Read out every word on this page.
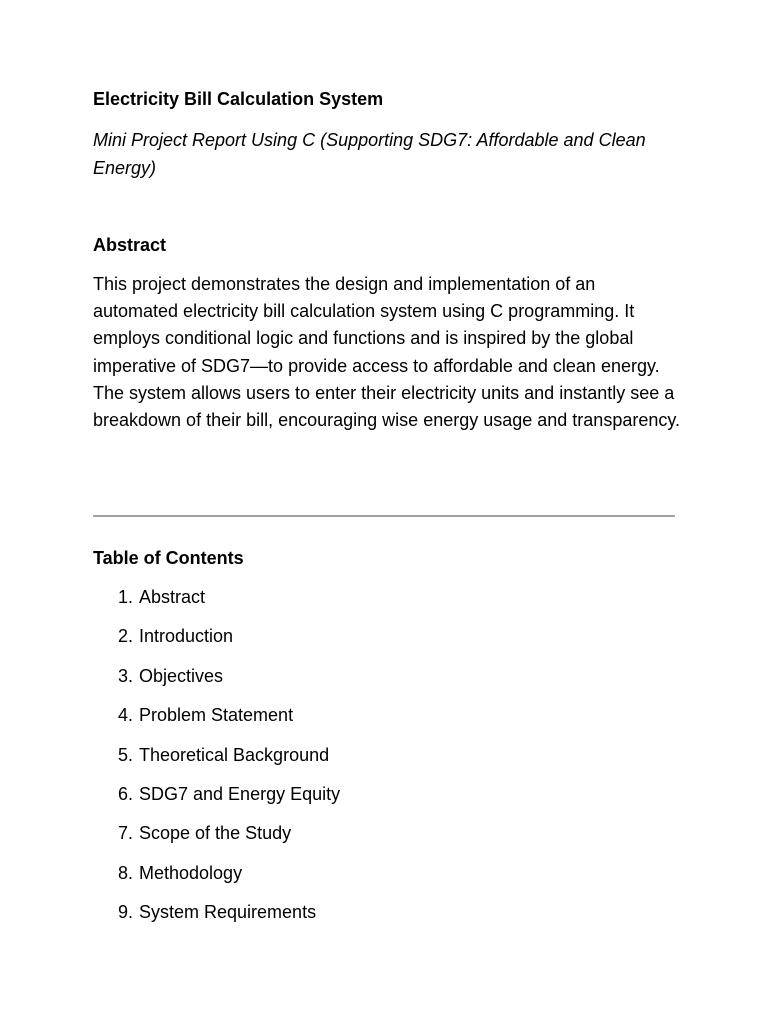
Electricity Bill Calculation System
Mini Project Report Using C (Supporting SDG7: Affordable and Clean Energy)
Abstract
This project demonstrates the design and implementation of an automated electricity bill calculation system using C programming. It employs conditional logic and functions and is inspired by the global imperative of SDG7—to provide access to affordable and clean energy. The system allows users to enter their electricity units and instantly see a breakdown of their bill, encouraging wise energy usage and transparency.
Table of Contents
1. Abstract
2. Introduction
3. Objectives
4. Problem Statement
5. Theoretical Background
6. SDG7 and Energy Equity
7. Scope of the Study
8. Methodology
9. System Requirements
